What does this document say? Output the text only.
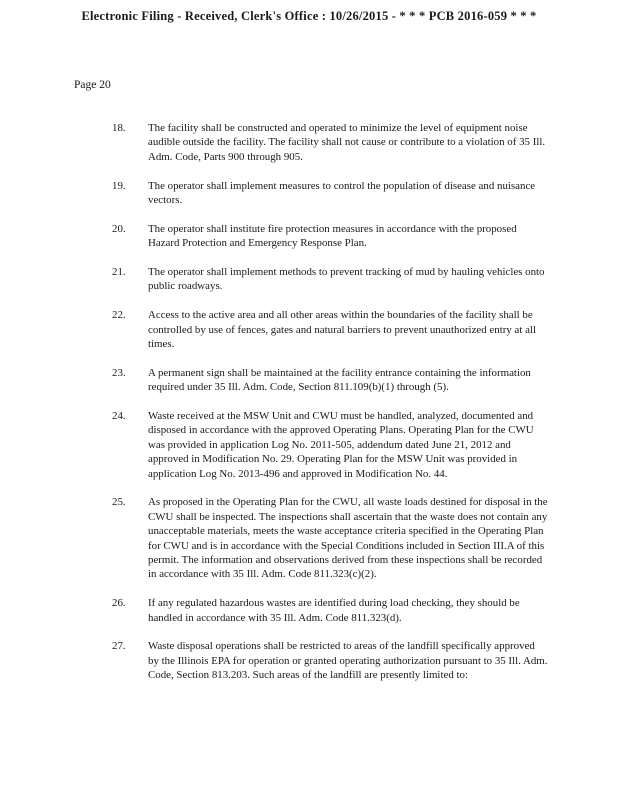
Electronic Filing - Received, Clerk's Office : 10/26/2015 - * * * PCB 2016-059 * * *
Page 20
18.	The facility shall be constructed and operated to minimize the level of equipment noise audible outside the facility. The facility shall not cause or contribute to a violation of 35 Ill. Adm. Code, Parts 900 through 905.
19.	The operator shall implement measures to control the population of disease and nuisance vectors.
20.	The operator shall institute fire protection measures in accordance with the proposed Hazard Protection and Emergency Response Plan.
21.	The operator shall implement methods to prevent tracking of mud by hauling vehicles onto public roadways.
22.	Access to the active area and all other areas within the boundaries of the facility shall be controlled by use of fences, gates and natural barriers to prevent unauthorized entry at all times.
23.	A permanent sign shall be maintained at the facility entrance containing the information required under 35 Ill. Adm. Code, Section 811.109(b)(1) through (5).
24.	Waste received at the MSW Unit and CWU must be handled, analyzed, documented and disposed in accordance with the approved Operating Plans. Operating Plan for the CWU was provided in application Log No. 2011-505, addendum dated June 21, 2012 and approved in Modification No. 29. Operating Plan for the MSW Unit was provided in application Log No. 2013-496 and approved in Modification No. 44.
25.	As proposed in the Operating Plan for the CWU, all waste loads destined for disposal in the CWU shall be inspected. The inspections shall ascertain that the waste does not contain any unacceptable materials, meets the waste acceptance criteria specified in the Operating Plan for CWU and is in accordance with the Special Conditions included in Section III.A of this permit. The information and observations derived from these inspections shall be recorded in accordance with 35 Ill. Adm. Code 811.323(c)(2).
26.	If any regulated hazardous wastes are identified during load checking, they should be handled in accordance with 35 Ill. Adm. Code 811.323(d).
27.	Waste disposal operations shall be restricted to areas of the landfill specifically approved by the Illinois EPA for operation or granted operating authorization pursuant to 35 Ill. Adm. Code, Section 813.203. Such areas of the landfill are presently limited to:
